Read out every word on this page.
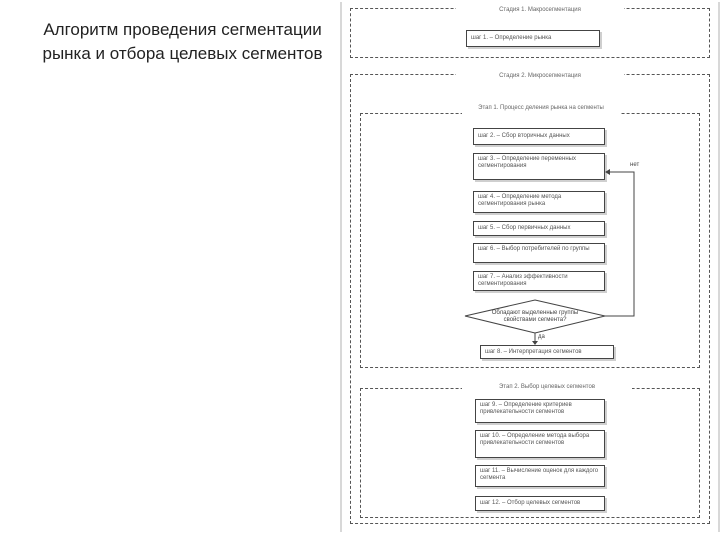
Алгоритм проведения сегментации рынка и отбора целевых сегментов
Стадия 1. Макросегментация
шаг 1. – Определение рынка
Стадия 2. Микросегментация
Этап 1. Процесс деления рынка на сегменты
шаг 2. – Сбор вторичных данных
шаг 3. – Определение переменных сегментирования
шаг 4. – Определение метода сегментирования рынка
шаг 5. – Сбор первичных данных
шаг 6. – Выбор потребителей по группы
шаг 7. – Анализ эффективности сегментирования
Обладают выделенные группы свойствами сегмента?
нет
да
шаг 8. – Интерпретация сегментов
Этап 2. Выбор целевых сегментов
шаг 9. – Определение критериев привлекательности сегментов
шаг 10. – Определение метода выбора привлекательности сегментов
шаг 11. – Вычисление оценок для каждого сегмента
шаг 12. – Отбор целевых сегментов
